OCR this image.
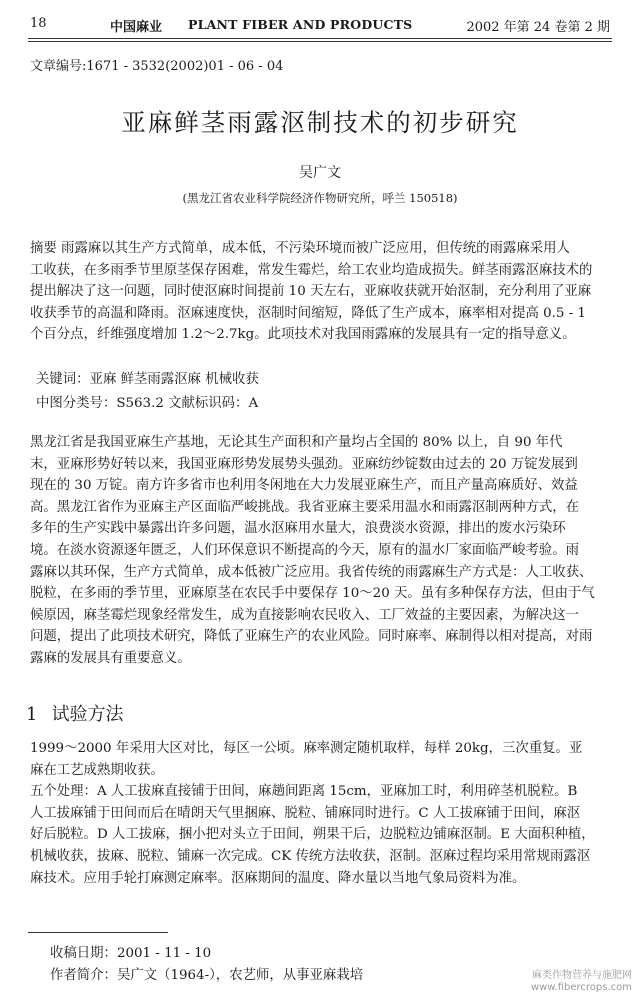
18	中国麻业 PLANT FIBER AND PRODUCTS	2002 年第 24 卷第 2 期
文章编号:1671 - 3532(2002)01 - 06 - 04
亚麻鲜茎雨露沤制技术的初步研究
吴广文
(黑龙江省农业科学院经济作物研究所，呼兰 150518)

摘要 雨露麻以其生产方式简单，成本低，不污染环境而被广泛应用，但传统的雨露麻采用人

工收获，在多雨季节里原茎保存困难，常发生霉烂，给工农业均造成损失。鲜茎雨露沤麻技术的

提出解决了这一问题，同时使沤麻时间提前 10 天左右，亚麻收获就开始沤制，充分利用了亚麻

收获季节的高温和降雨。沤麻速度快，沤制时间缩短，降低了生产成本，麻率相对提高 0.5 - 1

个百分点，纤维强度增加 1.2～2.7kg。此项技术对我国雨露麻的发展具有一定的指导意义。

关键词：亚麻 鲜茎雨露沤麻 机械收获
中图分类号：S563.2 文献标识码：A

黑龙江省是我国亚麻生产基地，无论其生产面积和产量均占全国的 80% 以上，自 90 年代

末，亚麻形势好转以来，我国亚麻形势发展势头强劲。亚麻纺纱锭数由过去的 20 万锭发展到

现在的 30 万锭。南方许多省市也利用冬闲地在大力发展亚麻生产，而且产量高麻质好、效益

高。黑龙江省作为亚麻主产区面临严峻挑战。我省亚麻主要采用温水和雨露沤制两种方式，在

多年的生产实践中暴露出许多问题，温水沤麻用水量大，浪费淡水资源，排出的废水污染环

境。在淡水资源逐年匮乏，人们环保意识不断提高的今天，原有的温水厂家面临严峻考验。雨

露麻以其环保，生产方式简单，成本低被广泛应用。我省传统的雨露麻生产方式是：人工收获、

脱粒，在多雨的季节里，亚麻原茎在农民手中要保存 10～20 天。虽有多种保存方法，但由于气

候原因，麻茎霉烂现象经常发生，成为直接影响农民收入、工厂效益的主要因素，为解决这一

问题，提出了此项技术研究，降低了亚麻生产的农业风险。同时麻率、麻制得以相对提高，对雨

露麻的发展具有重要意义。

1 试验方法

1999～2000 年采用大区对比，每区一公顷。麻率测定随机取样，每样 20kg，三次重复。亚

麻在工艺成熟期收获。

五个处理：A 人工拔麻直接铺于田间，麻趟间距离 15cm，亚麻加工时，利用碎茎机脱粒。B

人工拔麻铺于田间而后在晴朗天气里捆麻、脱粒、铺麻同时进行。C 人工拔麻铺于田间，麻沤

好后脱粒。D 人工拔麻，捆小把对头立于田间，朔果干后，边脱粒边铺麻沤制。E 大面积种植，

机械收获，拔麻、脱粒、铺麻一次完成。CK 传统方法收获，沤制。沤麻过程均采用常规雨露沤

麻技术。应用手轮打麻测定麻率。沤麻期间的温度、降水量以当地气象局资料为准。

收稿日期：2001 - 11 - 10
作者简介：吴广文（1964-），农艺师，从事亚麻栽培	麻类作物营养与施肥网
www.fibercrops.com
